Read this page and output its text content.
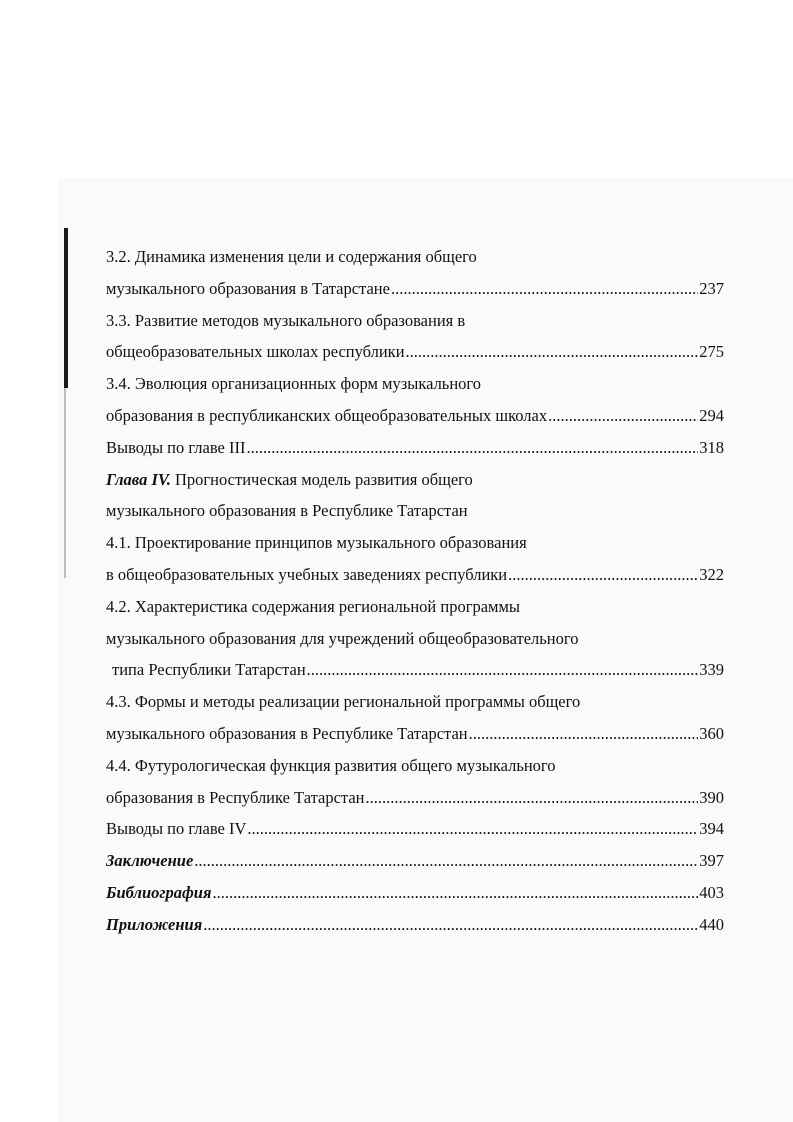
3.2. Динамика изменения цели и содержания общего
музыкального образования в Татарстане .....	237
3.3. Развитие методов музыкального образования в
общеобразовательных школах республики .....	275
3.4. Эволюция организационных форм музыкального
образования в республиканских общеобразовательных школах .....	294
Выводы по главе III .....	318
Глава IV. Прогностическая модель развития общего
музыкального образования в Республике Татарстан
4.1. Проектирование принципов музыкального образования
в общеобразовательных учебных заведениях республики .....	322
4.2. Характеристика содержания региональной программы
музыкального образования для учреждений общеобразовательного
типа Республики Татарстан .....	339
4.3. Формы и методы реализации региональной программы общего
музыкального образования в Республике Татарстан .....	360
4.4. Футурологическая функция развития общего музыкального
образования в Республике Татарстан .....	390
Выводы по главе IV .....	394
Заключение .....	397
Библиография .....	403
Приложения .....	440
